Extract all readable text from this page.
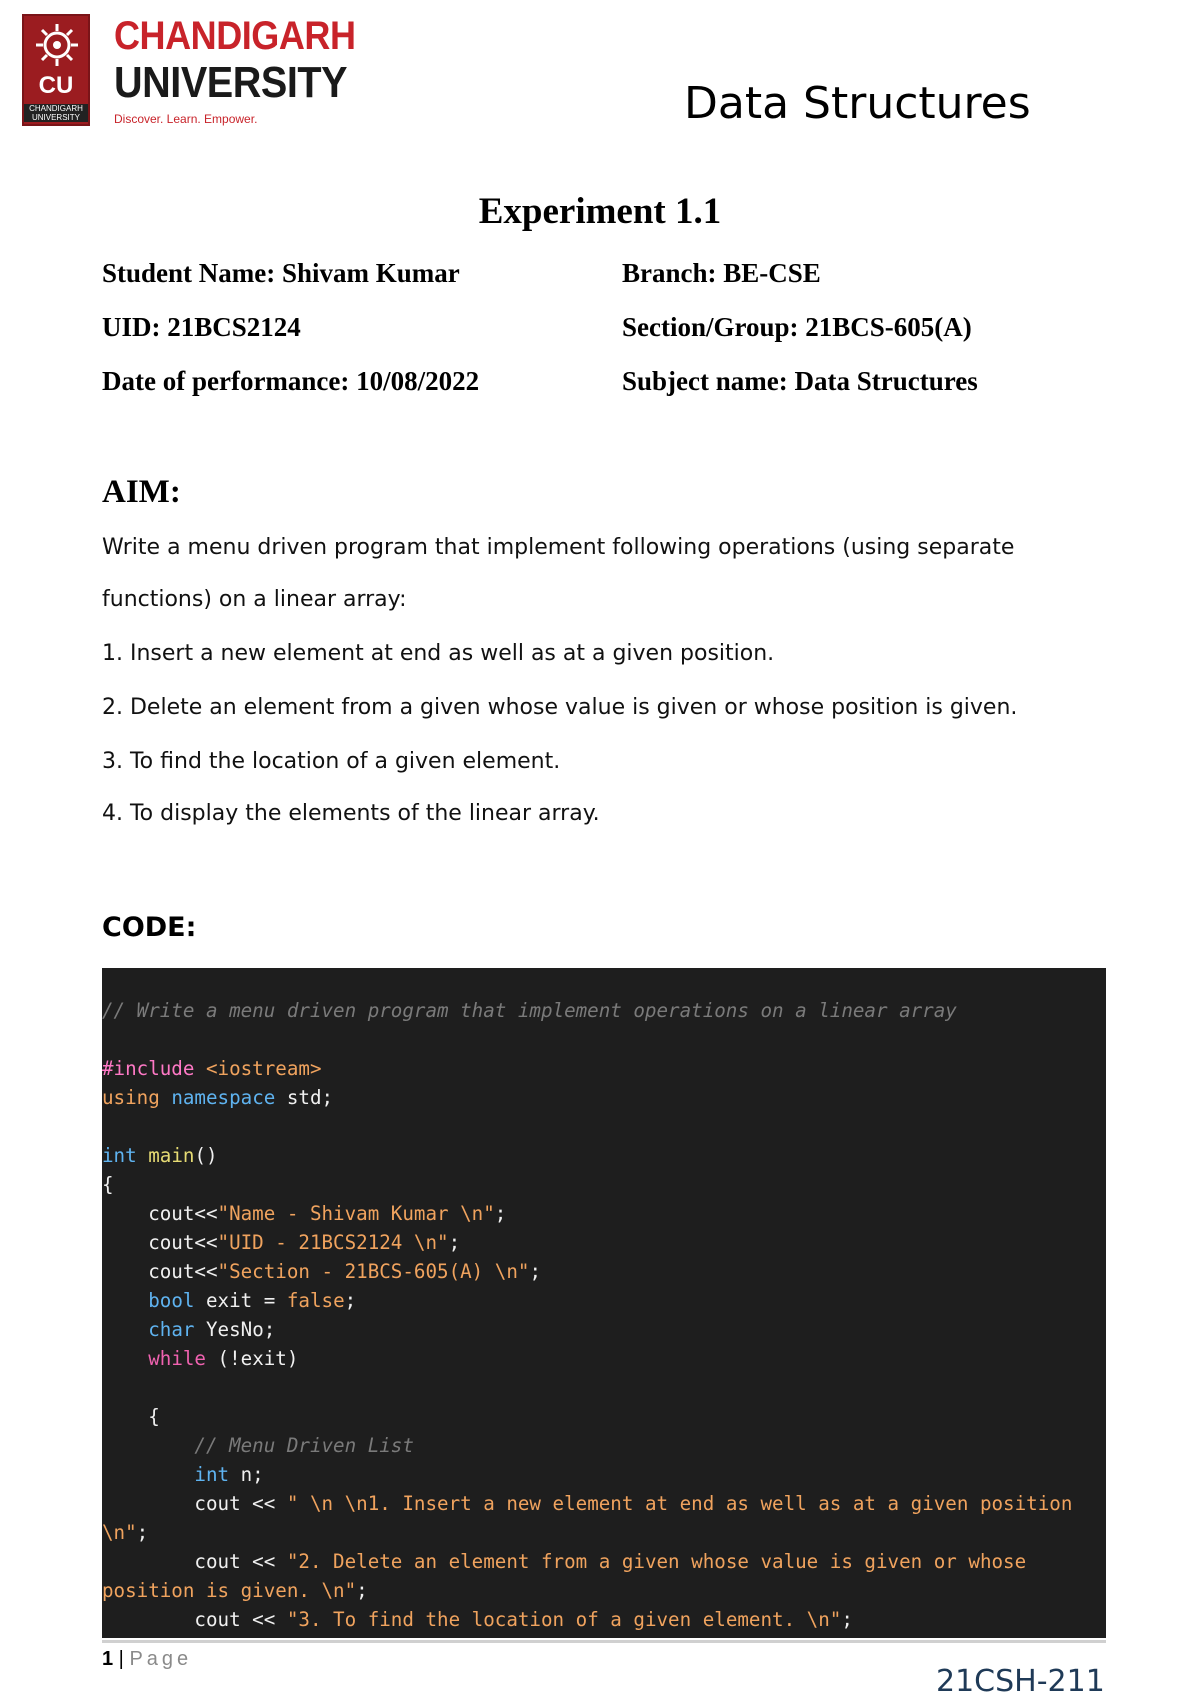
CU
CHANDIGARH UNIVERSITY
CHANDIGARH
UNIVERSITY
Discover. Learn. Empower.	Data Structures
Experiment 1.1
Student Name: Shivam Kumar	Branch: BE-CSE
UID: 21BCS2124	Section/Group: 21BCS-605(A)
Date of performance: 10/08/2022	Subject name: Data Structures
AIM:
Write a menu driven program that implement following operations (using separate
functions) on a linear array:
1. Insert a new element at end as well as at a given position.
2. Delete an element from a given whose value is given or whose position is given.
3. To find the location of a given element.
4. To display the elements of the linear array.
CODE:
// Write a menu driven program that implement operations on a linear array

#include <iostream>
using namespace std;

int main()
{
cout<<"Name - Shivam Kumar \n";
cout<<"UID - 21BCS2124 \n";
cout<<"Section - 21BCS-605(A) \n";
bool exit = false;
char YesNo;
while (!exit)

{
// Menu Driven List
int n;
cout << " \n \n1. Insert a new element at end as well as at a given position
\n";
cout << "2. Delete an element from a given whose value is given or whose
position is given. \n";
cout << "3. To find the location of a given element. \n";
1 | Page
21CSH-211
